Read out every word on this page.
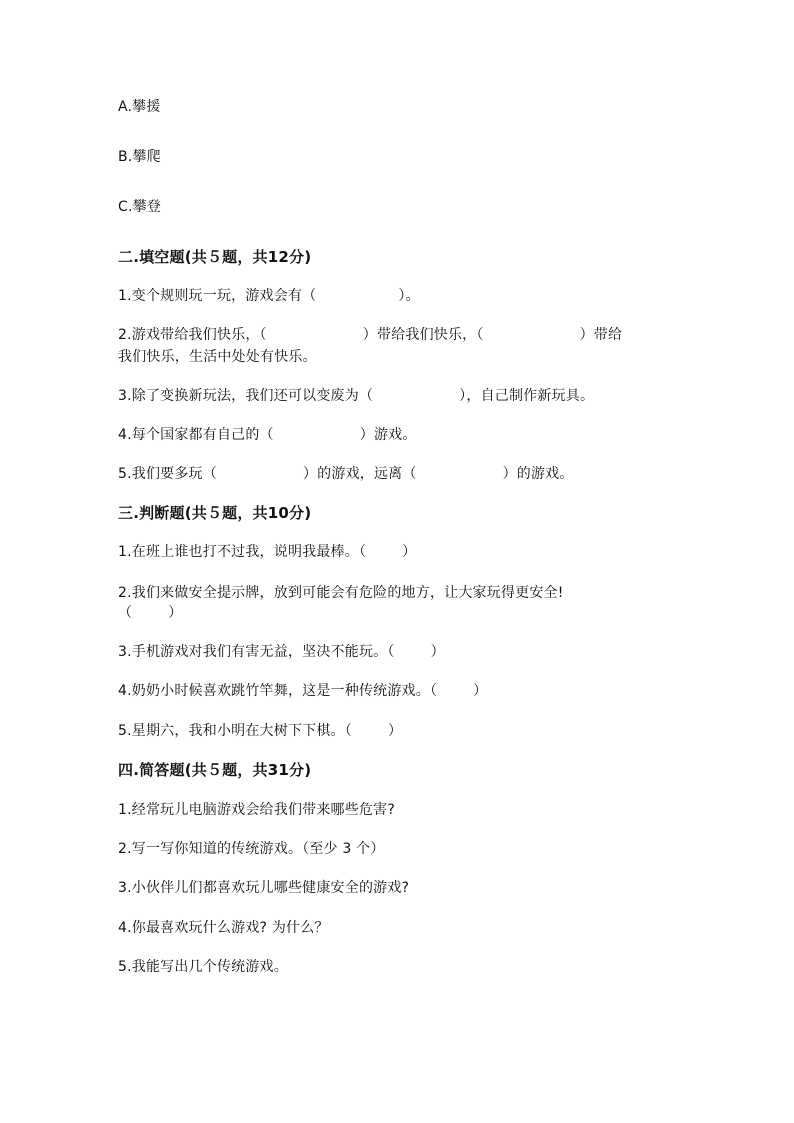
A.攀援
B.攀爬
C.攀登
二.填空题(共５题，共12分)
1.变个规则玩一玩，游戏会有（	）。
2.游戏带给我们快乐，（	）带给我们快乐，（	）带给
我们快乐，生活中处处有快乐。
3.除了变换新玩法，我们还可以变废为（	），自己制作新玩具。
4.每个国家都有自己的（	）游戏。
5.我们要多玩（	）的游戏，远离（	）的游戏。
三.判断题(共５题，共10分)
1.在班上谁也打不过我，说明我最棒。（	）
2.我们来做安全提示牌，放到可能会有危险的地方，让大家玩得更安全!
（	）
3.手机游戏对我们有害无益，坚决不能玩。（	）
4.奶奶小时候喜欢跳竹竿舞，这是一种传统游戏。（	）
5.星期六，我和小明在大树下下棋。（	）
四.简答题(共５题，共31分)
1.经常玩儿电脑游戏会给我们带来哪些危害?
2.写一写你知道的传统游戏。（至少 3 个）
3.小伙伴儿们都喜欢玩儿哪些健康安全的游戏?
4.你最喜欢玩什么游戏? 为什么？
5.我能写出几个传统游戏。
